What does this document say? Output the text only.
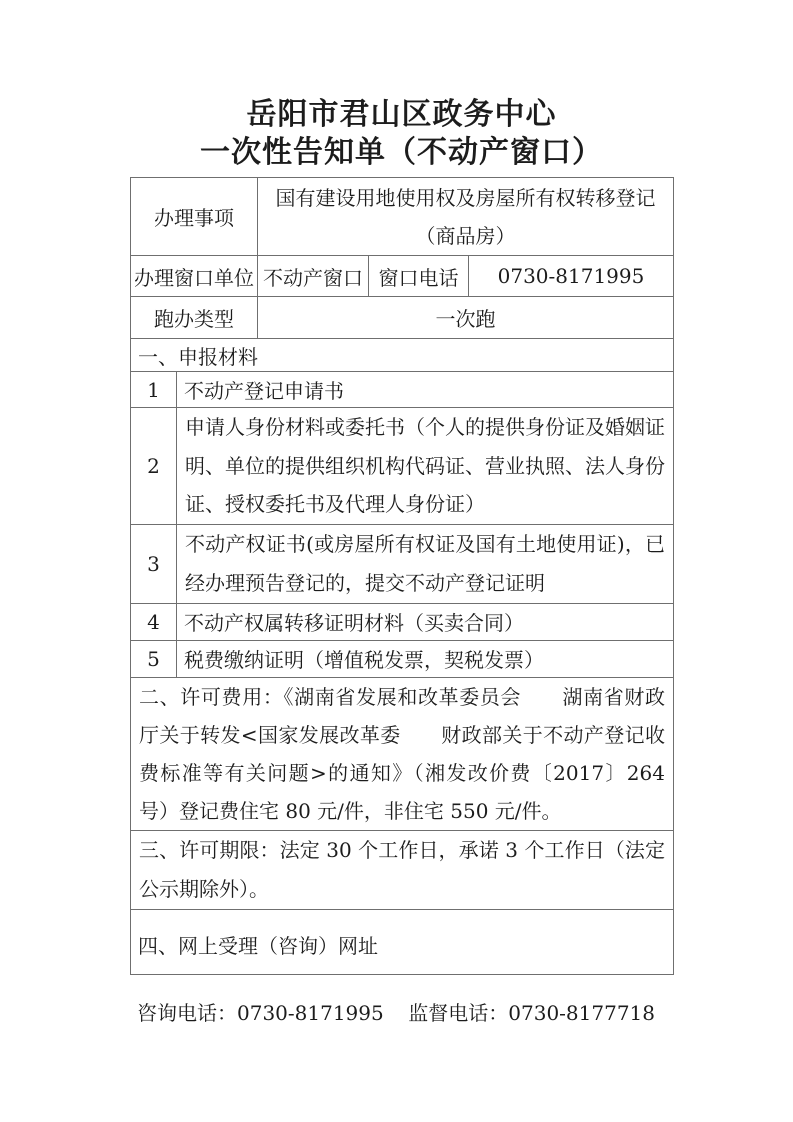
岳阳市君山区政务中心
一次性告知单（不动产窗口）
办理事项		国有建设用地使用权及房屋所有权转移登记
（商品房）		

办理窗口单位		不动产窗口	窗口电话	0730-8171995
跑办类型		一次跑		
一、申报材料				
1	不动产登记申请书			
2	申请人身份材料或委托书（个人的提供身份证及婚姻证明、单位的提供组织机构代码证、营业执照、法人身份证、授权委托书及代理人身份证）			
3	不动产权证书(或房屋所有权证及国有土地使用证)，已经办理预告登记的，提交不动产登记证明			
4	不动产权属转移证明材料（买卖合同）			
5	税费缴纳证明（增值税发票，契税发票）			
二、许可费用：《湖南省发展和改革委员会　　湖南省财政厅关于转发<国家发展改革委　　财政部关于不动产登记收费标准等有关问题>的通知》（湘发改价费〔2017〕264 号）登记费住宅 80 元/件，非住宅 550 元/件。				
三、许可期限：法定 30 个工作日，承诺 3 个工作日（法定公示期除外）。				
四、网上受理（咨询）网址				
咨询电话：0730-8171995 监督电话：0730-8177718
